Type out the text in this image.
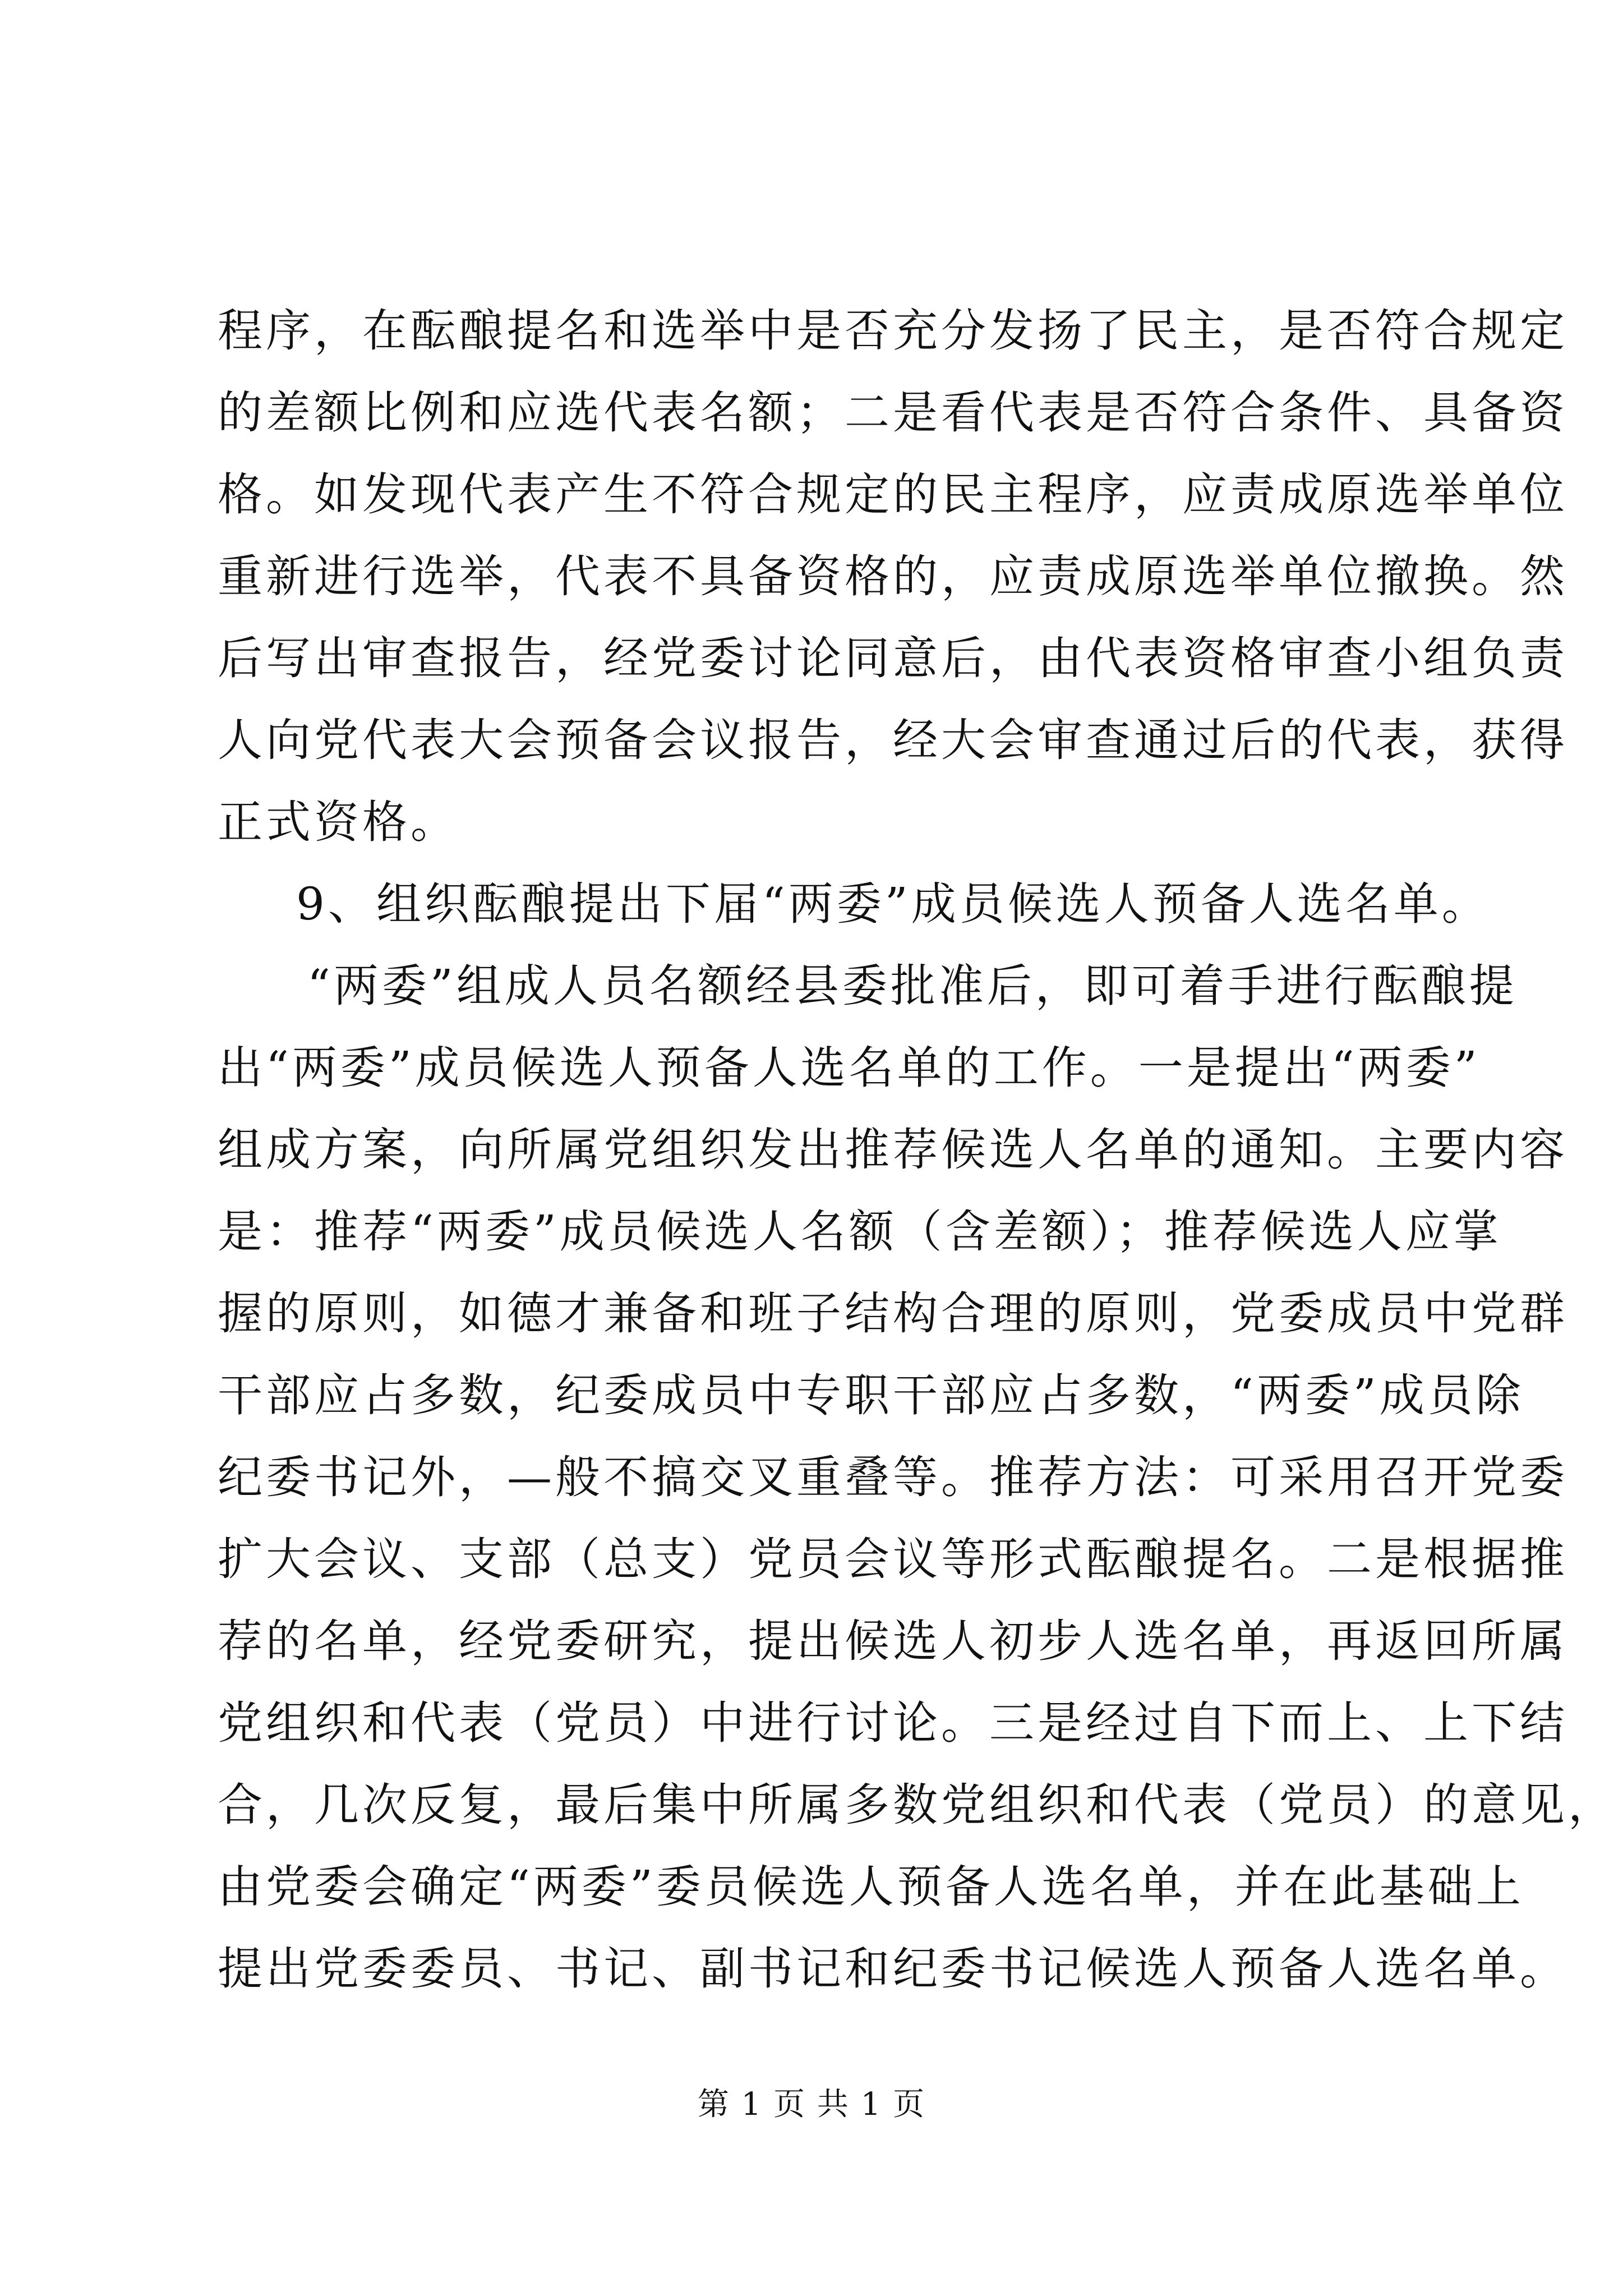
程序，在酝酿提名和选举中是否充分发扬了民主，是否符合规定
的差额比例和应选代表名额；二是看代表是否符合条件、具备资
格。如发现代表产生不符合规定的民主程序，应责成原选举单位
重新进行选举，代表不具备资格的，应责成原选举单位撤换。然
后写出审查报告，经党委讨论同意后，由代表资格审查小组负责
人向党代表大会预备会议报告，经大会审查通过后的代表，获得
正式资格。
9、组织酝酿提出下届“两委”成员候选人预备人选名单。
“两委”组成人员名额经县委批准后，即可着手进行酝酿提
出“两委”成员候选人预备人选名单的工作。一是提出“两委”
组成方案，向所属党组织发出推荐候选人名单的通知。主要内容
是：推荐“两委”成员候选人名额（含差额）；推荐候选人应掌
握的原则，如德才兼备和班子结构合理的原则，党委成员中党群
干部应占多数，纪委成员中专职干部应占多数，“两委”成员除
纪委书记外，—般不搞交叉重叠等。推荐方法：可采用召开党委
扩大会议、支部（总支）党员会议等形式酝酿提名。二是根据推
荐的名单，经党委研究，提出候选人初步人选名单，再返回所属
党组织和代表（党员）中进行讨论。三是经过自下而上、上下结
合，几次反复，最后集中所属多数党组织和代表（党员）的意见，
由党委会确定“两委”委员候选人预备人选名单，并在此基础上
提出党委委员、书记、副书记和纪委书记候选人预备人选名单。
第 1 页 共 1 页
